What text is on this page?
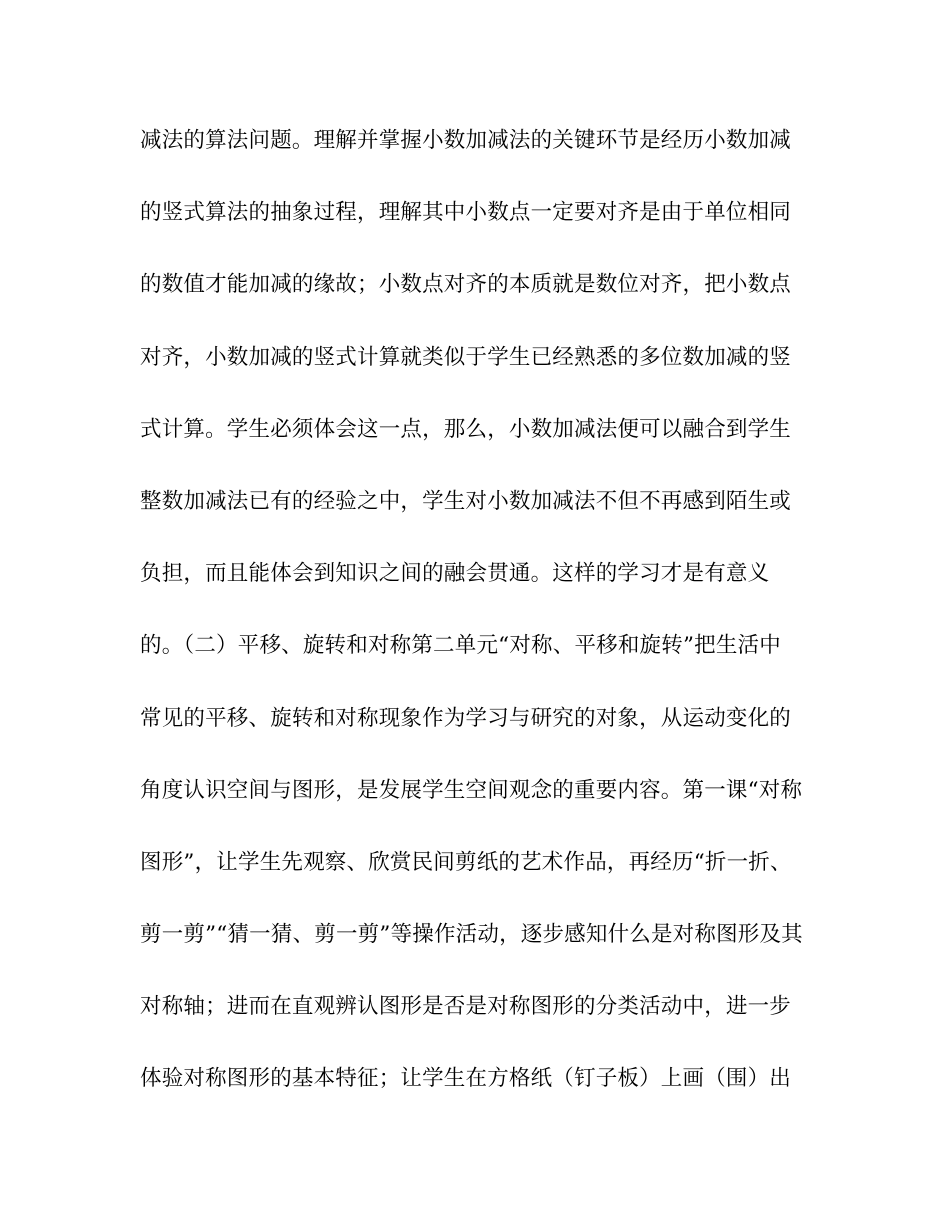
减法的算法问题。理解并掌握小数加减法的关键环节是经历小数加减
的竖式算法的抽象过程，理解其中小数点一定要对齐是由于单位相同
的数值才能加减的缘故；小数点对齐的本质就是数位对齐，把小数点
对齐，小数加减的竖式计算就类似于学生已经熟悉的多位数加减的竖
式计算。学生必须体会这一点，那么，小数加减法便可以融合到学生
整数加减法已有的经验之中，学生对小数加减法不但不再感到陌生或
负担，而且能体会到知识之间的融会贯通。这样的学习才是有意义
的。（二）平移、旋转和对称第二单元“对称、平移和旋转”把生活中
常见的平移、旋转和对称现象作为学习与研究的对象，从运动变化的
角度认识空间与图形，是发展学生空间观念的重要内容。第一课“对称
图形”，让学生先观察、欣赏民间剪纸的艺术作品，再经历“折一折、
剪一剪”“猜一猜、剪一剪”等操作活动，逐步感知什么是对称图形及其
对称轴；进而在直观辨认图形是否是对称图形的分类活动中，进一步
体验对称图形的基本特征；让学生在方格纸（钉子板）上画（围）出
